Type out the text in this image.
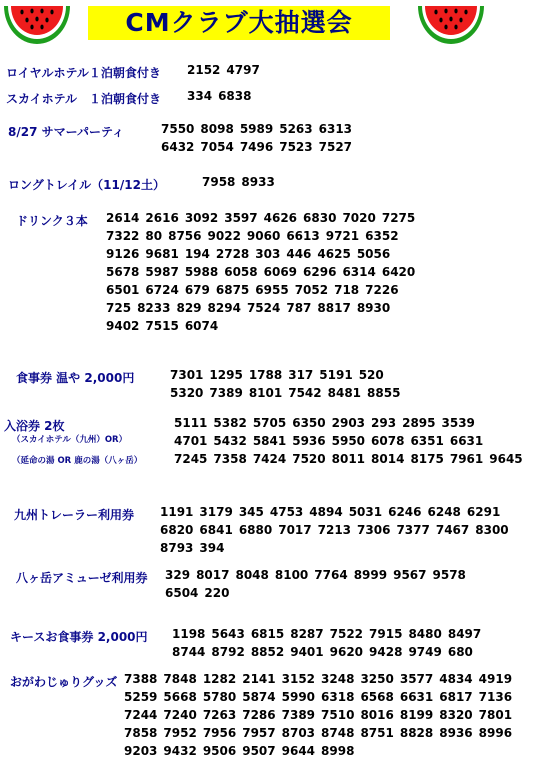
CMクラブ大抽選会
ロイヤルホテル１泊朝食付き 2152 4797
スカイホテル　１泊朝食付き 334 6838
8/27 サマーパーティ	7550 8098 5989 5263 6313
6432 7054 7496 7523 7527
ロングトレイル（11/12土）	7958 8933
ドリンク３本 2614 2616 3092 3597 4626 6830 7020 7275
7322 80 8756 9022 9060 6613 9721 6352
9126 9681 194 2728 303 446 4625 5056
5678 5987 5988 6058 6069 6296 6314 6420
6501 6724 679 6875 6955 7052 718 7226
725 8233 829 8294 7524 787 8817 8930
9402 7515 6074
食事券 温や 2,000円	7301 1295 1788 317 5191 520
5320 7389 8101 7542 8481 8855
入浴券 2枚
（スカイホテル（九州）OR）
（延命の湯 OR 鹿の湯（八ヶ岳）
5111 5382 5705 6350 2903 293 2895 3539
4701 5432 5841 5936 5950 6078 6351 6631
7245 7358 7424 7520 8011 8014 8175 7961 9645
九州トレーラー利用券 1191 3179 345 4753 4894 5031 6246 6248 6291
6820 6841 6880 7017 7213 7306 7377 7467 8300
8793 394
八ヶ岳アミューゼ利用券 329 8017 8048 8100 7764 8999 9567 9578
6504 220
キースお食事券 2,000円 1198 5643 6815 8287 7522 7915 8480 8497
8744 8792 8852 9401 9620 9428 9749 680
おがわじゅりグッズ 7388 7848 1282 2141 3152 3248 3250 3577 4834 4919
5259 5668 5780 5874 5990 6318 6568 6631 6817 7136
7244 7240 7263 7286 7389 7510 8016 8199 8320 7801
7858 7952 7956 7957 8703 8748 8751 8828 8936 8996
9203 9432 9506 9507 9644 8998
